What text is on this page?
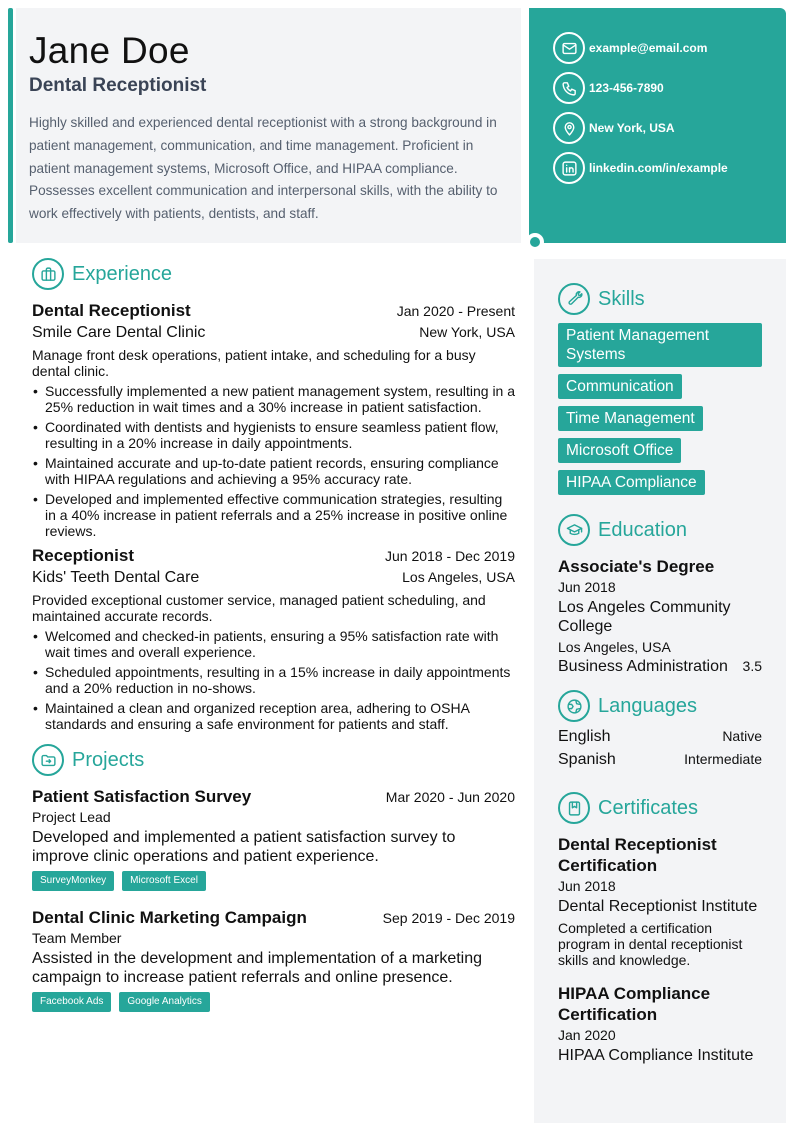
Jane Doe
Dental Receptionist

Highly skilled and experienced dental receptionist with a strong background in patient management, communication, and time management. Proficient in patient management systems, Microsoft Office, and HIPAA compliance. Possesses excellent communication and interpersonal skills, with the ability to work effectively with patients, dentists, and staff.

example@email.com
123-456-7890
New York, USA
linkedin.com/in/example
Experience
Dental Receptionist	Jan 2020 - Present
Smile Care Dental Clinic	New York, USA

Manage front desk operations, patient intake, and scheduling for a busy dental clinic.

• Successfully implemented a new patient management system, resulting in a 25% reduction in wait times and a 30% increase in patient satisfaction.
• Coordinated with dentists and hygienists to ensure seamless patient flow, resulting in a 20% increase in daily appointments.
• Maintained accurate and up-to-date patient records, ensuring compliance with HIPAA regulations and achieving a 95% accuracy rate.
• Developed and implemented effective communication strategies, resulting in a 40% increase in patient referrals and a 25% increase in positive online reviews.
Receptionist	Jun 2018 - Dec 2019
Kids' Teeth Dental Care	Los Angeles, USA

Provided exceptional customer service, managed patient scheduling, and maintained accurate records.

• Welcomed and checked-in patients, ensuring a 95% satisfaction rate with wait times and overall experience.
• Scheduled appointments, resulting in a 15% increase in daily appointments and a 20% reduction in no-shows.
• Maintained a clean and organized reception area, adhering to OSHA standards and ensuring a safe environment for patients and staff.
Projects
Patient Satisfaction Survey	Mar 2020 - Jun 2020
Project Lead

Developed and implemented a patient satisfaction survey to improve clinic operations and patient experience.

SurveyMonkey	Microsoft Excel
Dental Clinic Marketing Campaign	Sep 2019 - Dec 2019
Team Member

Assisted in the development and implementation of a marketing campaign to increase patient referrals and online presence.

Facebook Ads	Google Analytics
Skills
Patient Management Systems
Communication
Time Management
Microsoft Office
HIPAA Compliance
Education
Associate's Degree
Jun 2018
Los Angeles Community College
Los Angeles, USA
Business Administration 3.5
Languages
English	Native
Spanish	Intermediate
Certificates
Dental Receptionist Certification
Jun 2018
Dental Receptionist Institute

Completed a certification program in dental receptionist skills and knowledge.

HIPAA Compliance Certification
Jan 2020
HIPAA Compliance Institute
